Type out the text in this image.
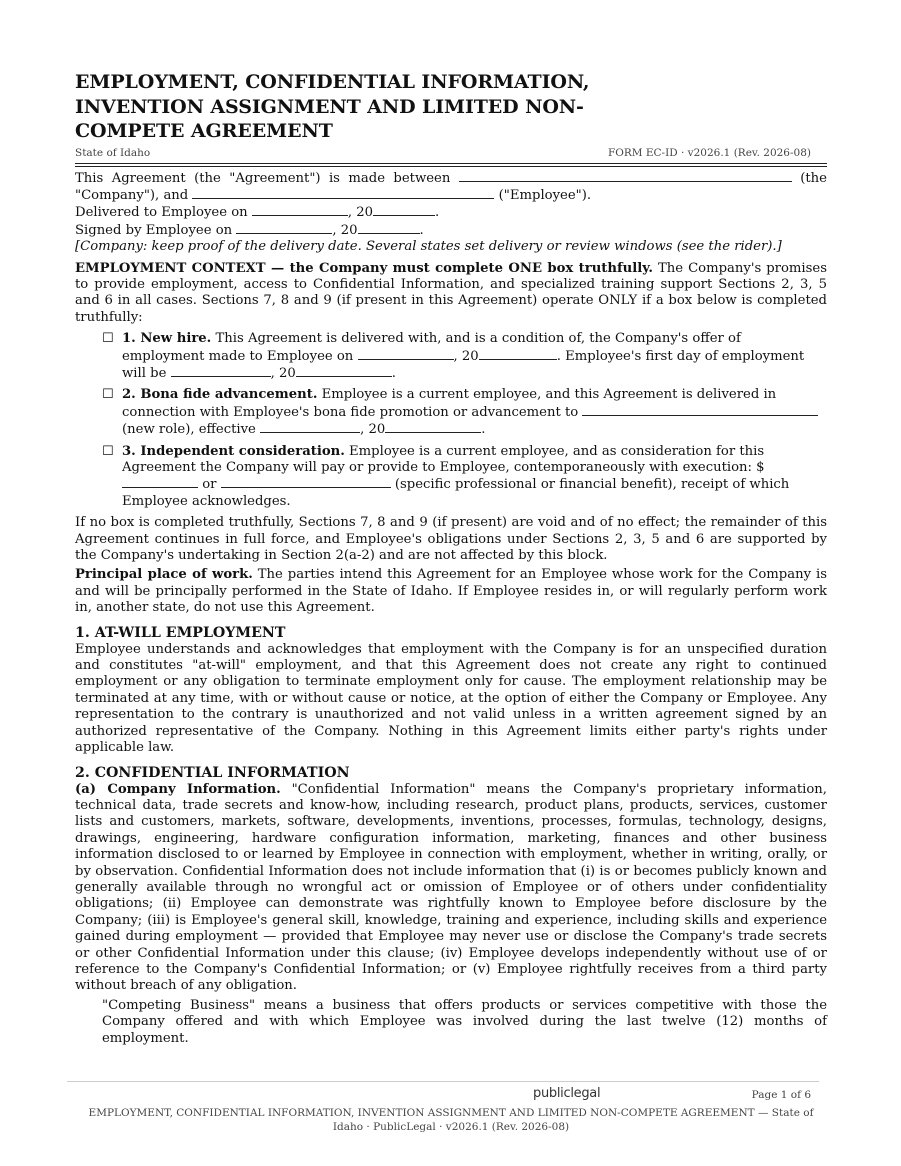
EMPLOYMENT, CONFIDENTIAL INFORMATION, INVENTION ASSIGNMENT AND LIMITED NON-COMPETE AGREEMENT
State of Idaho	FORM EC-ID · v2026.1 (Rev. 2026-08)

This Agreement (the "Agreement") is made between	(the "Company"), and	("Employee").

Delivered to Employee on	, 20	.

Signed by Employee on	, 20	.

[Company: keep proof of the delivery date. Several states set delivery or review windows (see the rider).]

EMPLOYMENT CONTEXT — the Company must complete ONE box truthfully. The Company's promises to provide employment, access to Confidential Information, and specialized training support Sections 2, 3, 5 and 6 in all cases. Sections 7, 8 and 9 (if present in this Agreement) operate ONLY if a box below is completed truthfully:

☐ 1. New hire. This Agreement is delivered with, and is a condition of, the Company's offer of employment made to Employee on	, 20	. Employee's first day of employment will be	, 20	.

☐ 2. Bona fide advancement. Employee is a current employee, and this Agreement is delivered in connection with Employee's bona fide promotion or advancement to  (new role), effective	, 20	.

☐ 3. Independent consideration. Employee is a current employee, and as consideration for this Agreement the Company will pay or provide to Employee, contemporaneously with execution: $ or	(specific professional or financial benefit), receipt of which Employee acknowledges.

If no box is completed truthfully, Sections 7, 8 and 9 (if present) are void and of no effect; the remainder of this Agreement continues in full force, and Employee's obligations under Sections 2, 3, 5 and 6 are supported by the Company's undertaking in Section 2(a-2) and are not affected by this block.

Principal place of work. The parties intend this Agreement for an Employee whose work for the Company is and will be principally performed in the State of Idaho. If Employee resides in, or will regularly perform work in, another state, do not use this Agreement.

1. AT-WILL EMPLOYMENT

Employee understands and acknowledges that employment with the Company is for an unspecified duration and constitutes "at-will" employment, and that this Agreement does not create any right to continued employment or any obligation to terminate employment only for cause. The employment relationship may be terminated at any time, with or without cause or notice, at the option of either the Company or Employee. Any representation to the contrary is unauthorized and not valid unless in a written agreement signed by an authorized representative of the Company. Nothing in this Agreement limits either party's rights under applicable law.

2. CONFIDENTIAL INFORMATION

(a) Company Information. "Confidential Information" means the Company's proprietary information, technical data, trade secrets and know-how, including research, product plans, products, services, customer lists and customers, markets, software, developments, inventions, processes, formulas, technology, designs, drawings, engineering, hardware configuration information, marketing, finances and other business information disclosed to or learned by Employee in connection with employment, whether in writing, orally, or by observation. Confidential Information does not include information that (i) is or becomes publicly known and generally available through no wrongful act or omission of Employee or of others under confidentiality obligations; (ii) Employee can demonstrate was rightfully known to Employee before disclosure by the Company; (iii) is Employee's general skill, knowledge, training and experience, including skills and experience gained during employment — provided that Employee may never use or disclose the Company's trade secrets or other Confidential Information under this clause; (iv) Employee develops independently without use of or reference to the Company's Confidential Information; or (v) Employee rightfully receives from a third party without breach of any obligation.

"Competing Business" means a business that offers products or services competitive with those the Company offered and with which Employee was involved during the last twelve (12) months of employment.

publiclegal	Page 1 of 6
EMPLOYMENT, CONFIDENTIAL INFORMATION, INVENTION ASSIGNMENT AND LIMITED NON-COMPETE AGREEMENT — State of Idaho · PublicLegal · v2026.1 (Rev. 2026-08)
